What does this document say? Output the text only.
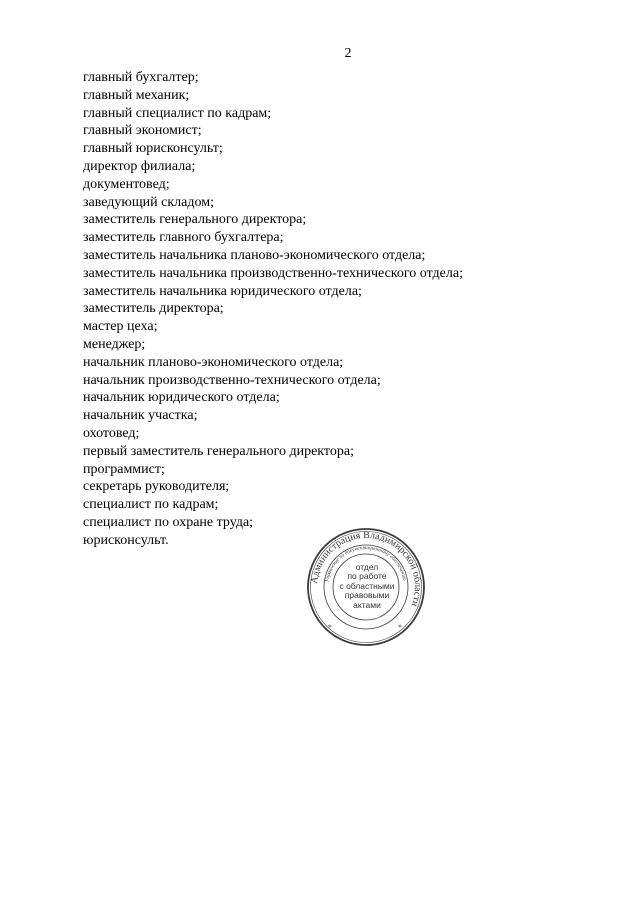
2
главный бухгалтер;
главный механик;
главный специалист по кадрам;
главный экономист;
главный юрисконсульт;
директор филиала;
документовед;
заведующий складом;
заместитель генерального директора;
заместитель главного бухгалтера;
заместитель начальника планово-экономического отдела;
заместитель начальника производственно-технического отдела;
заместитель начальника юридического отдела;
заместитель директора;
мастер цеха;
менеджер;
начальник планово-экономического отдела;
начальник производственно-технического отдела;
начальник юридического отдела;
начальник участка;
охотовед;
первый заместитель генерального директора;
программист;
секретарь руководителя;
специалист по кадрам;
специалист по охране труда;
юрисконсульт.
Администрация Владимирской области
Управление по документационному обеспечению
*	*
отдел
по работе
с областными
правовыми
актами
